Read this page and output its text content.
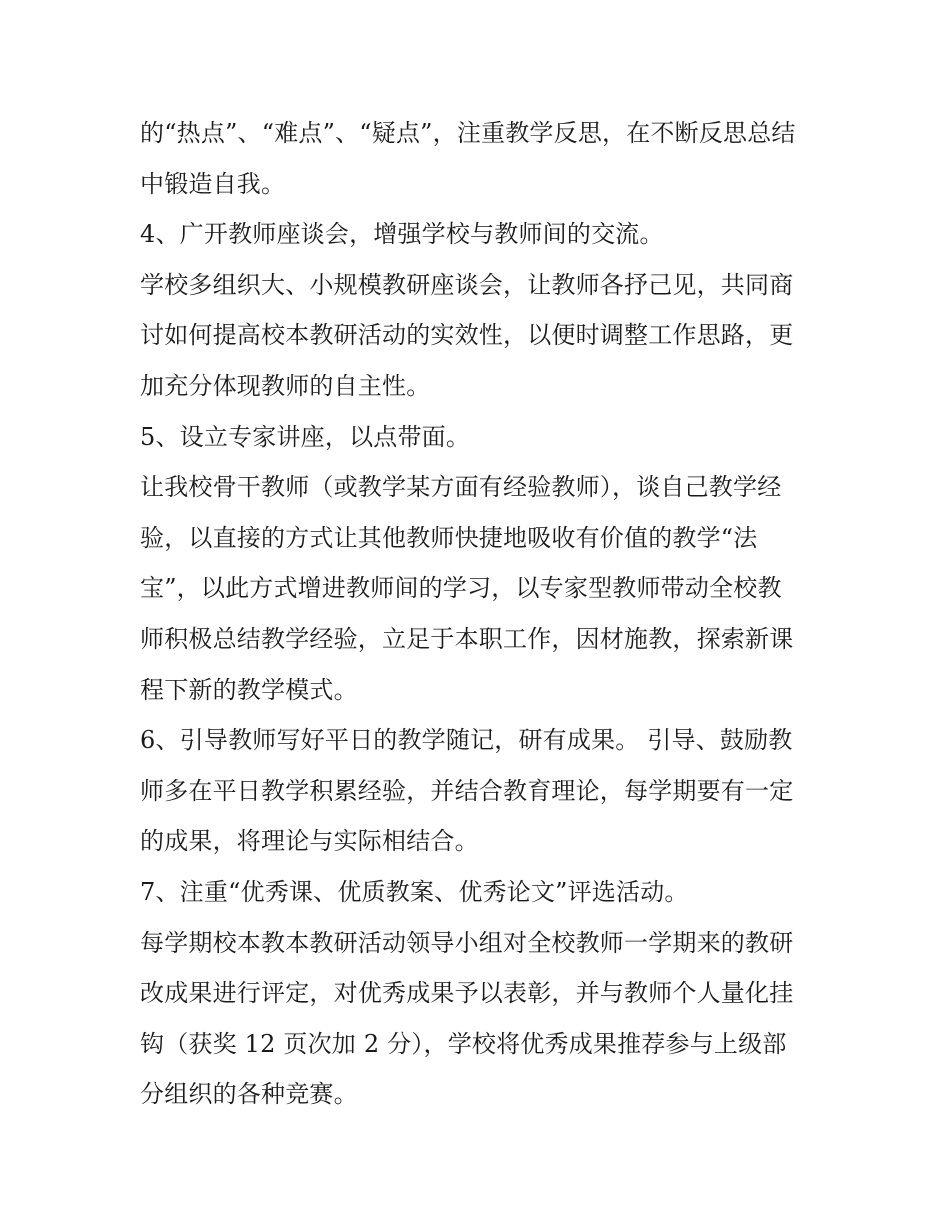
的“热点”、“难点”、“疑点”，注重教学反思，在不断反思总结
中锻造自我。
4、广开教师座谈会，增强学校与教师间的交流。
学校多组织大、小规模教研座谈会，让教师各抒己见，共同商
讨如何提高校本教研活动的实效性，以便时调整工作思路，更
加充分体现教师的自主性。
5、设立专家讲座，以点带面。
让我校骨干教师（或教学某方面有经验教师），谈自己教学经
验，以直接的方式让其他教师快捷地吸收有价值的教学“法
宝”，以此方式增进教师间的学习，以专家型教师带动全校教
师积极总结教学经验，立足于本职工作，因材施教，探索新课
程下新的教学模式。
6、引导教师写好平日的教学随记，研有成果。 引导、鼓励教
师多在平日教学积累经验，并结合教育理论，每学期要有一定
的成果，将理论与实际相结合。
7、注重“优秀课、优质教案、优秀论文”评选活动。
每学期校本教本教研活动领导小组对全校教师一学期来的教研
改成果进行评定，对优秀成果予以表彰，并与教师个人量化挂
钩（获奖 12 页次加 2 分），学校将优秀成果推荐参与上级部
分组织的各种竞赛。
